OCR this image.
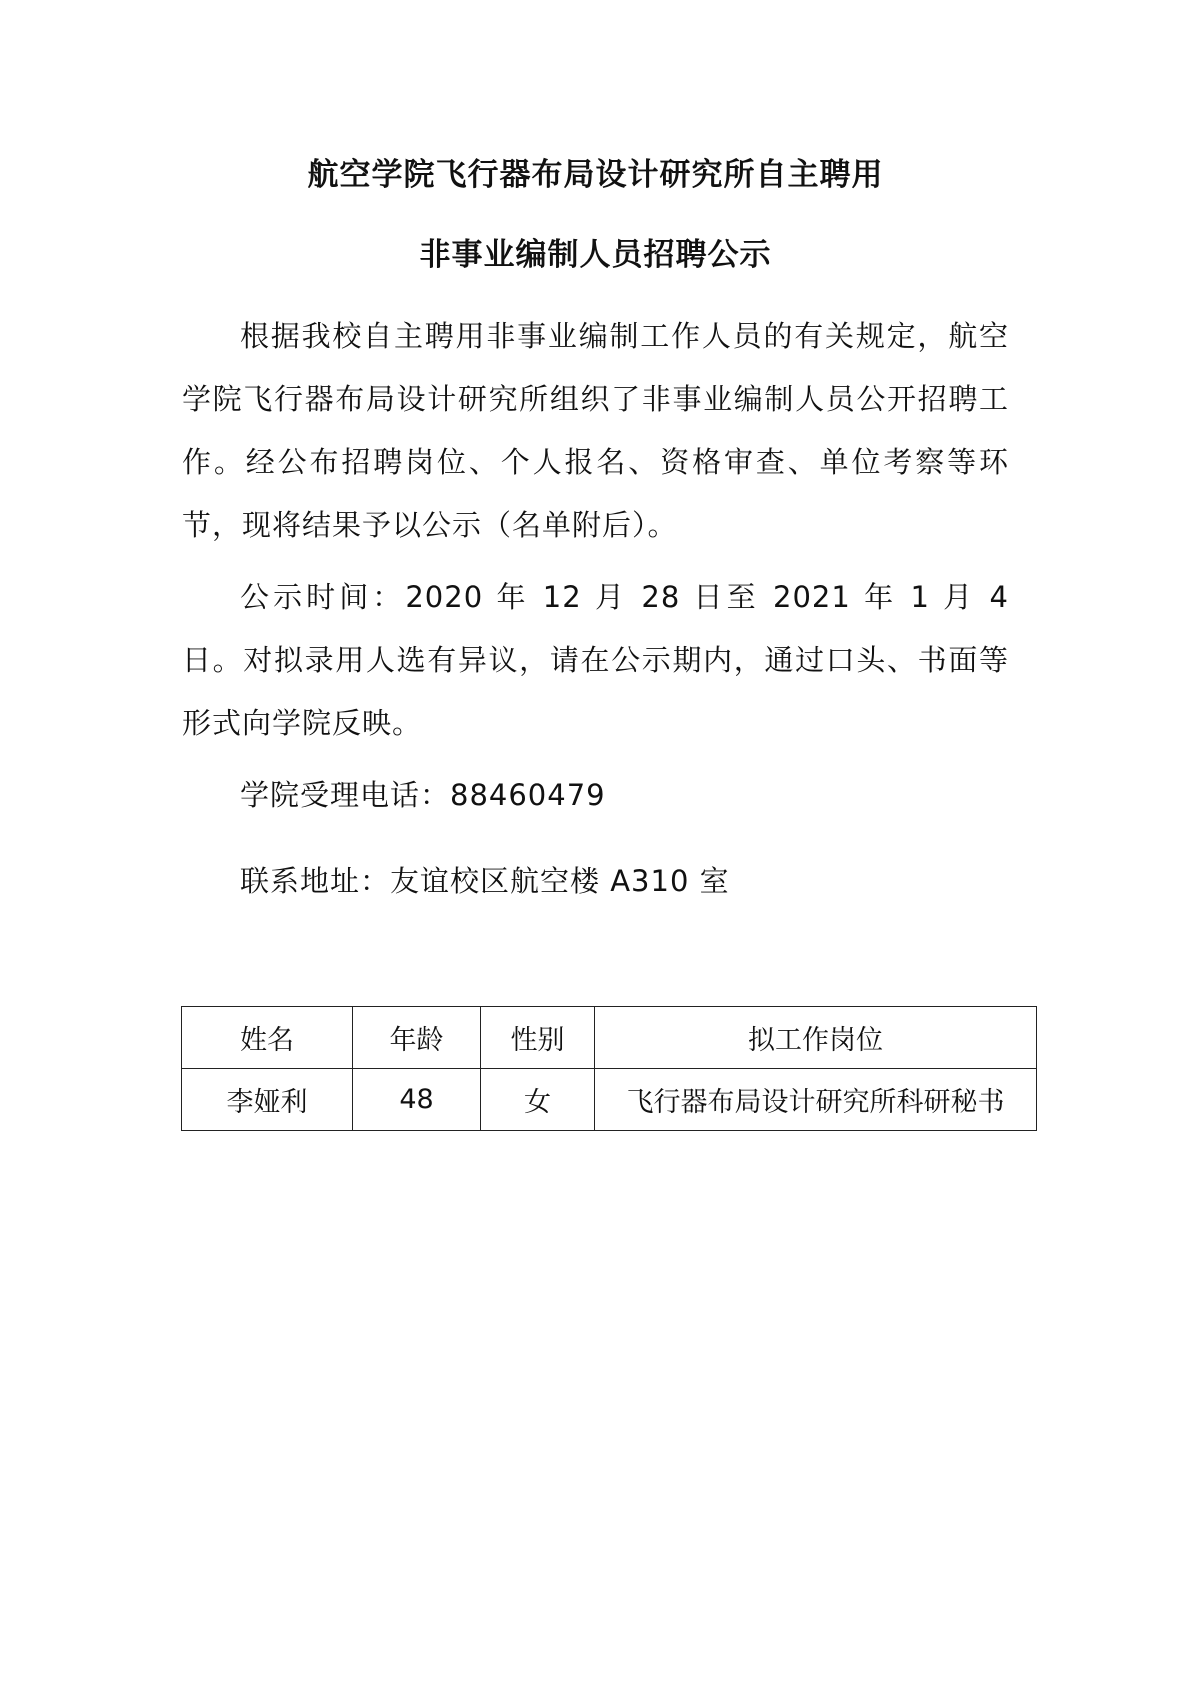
航空学院飞行器布局设计研究所自主聘用
非事业编制人员招聘公示

根据我校自主聘用非事业编制工作人员的有关规定，航空学院飞行器布局设计研究所组织了非事业编制人员公开招聘工作。经公布招聘岗位、个人报名、资格审查、单位考察等环节，现将结果予以公示（名单附后）。

公示时间：2020 年 12 月 28 日至 2021 年 1 月 4 日。对拟录用人选有异议，请在公示期内，通过口头、书面等形式向学院反映。

学院受理电话：88460479

联系地址：友谊校区航空楼 A310 室

姓名	年龄	性别	拟工作岗位
李娅利	48	女	飞行器布局设计研究所科研秘书
